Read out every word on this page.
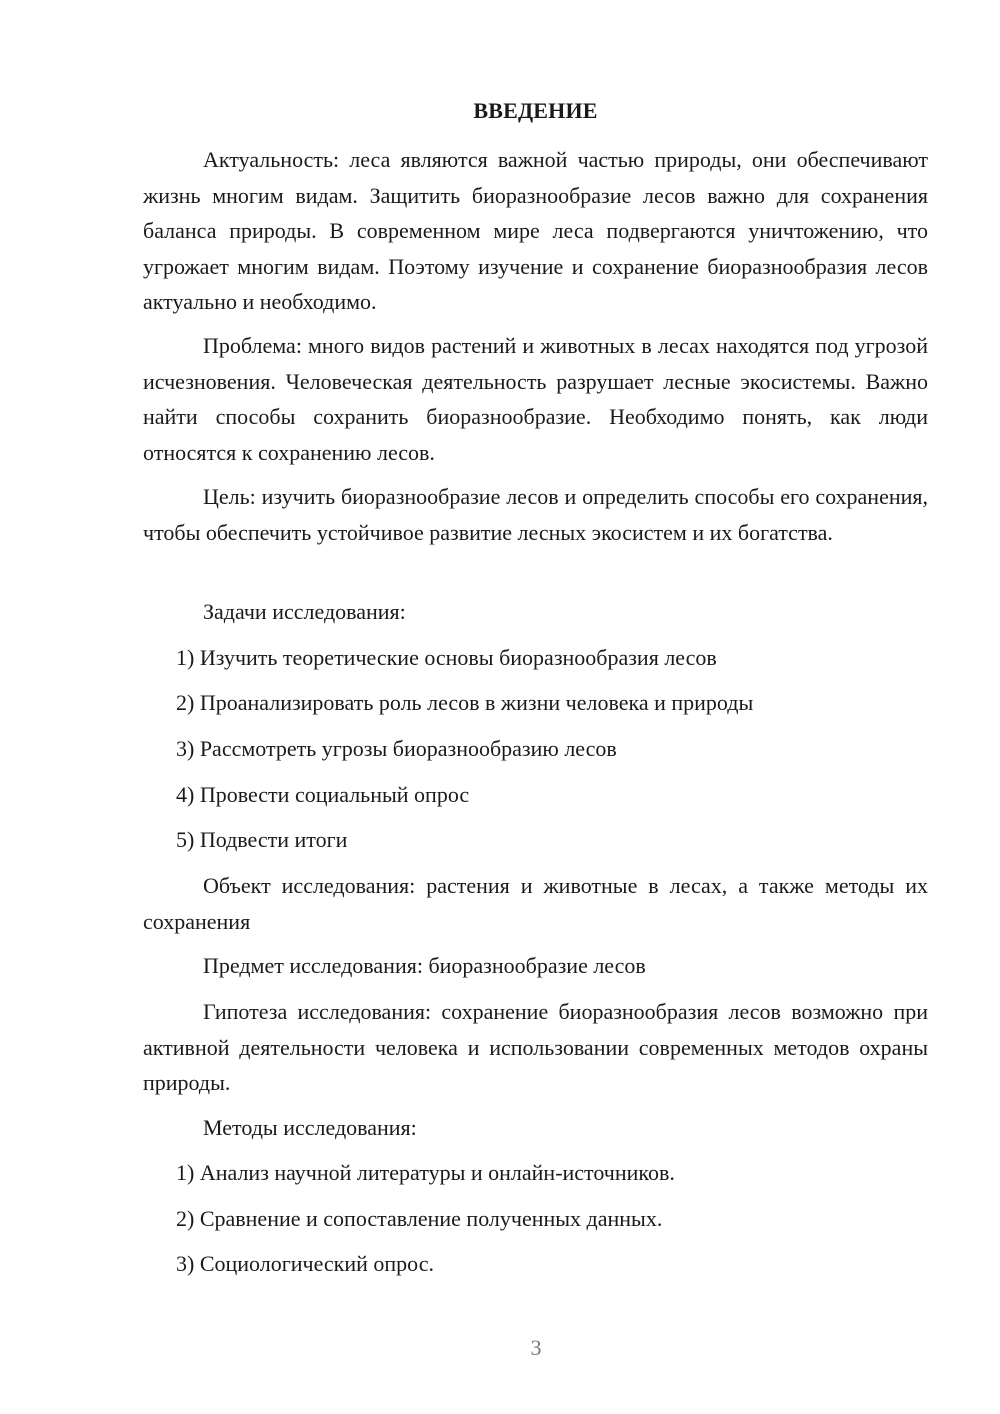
ВВЕДЕНИЕ

Актуальность: леса являются важной частью природы, они обеспечивают жизнь многим видам. Защитить биоразнообразие лесов важно для сохранения баланса природы. В современном мире леса подвергаются уничтожению, что угрожает многим видам. Поэтому изучение и сохранение биоразнообразия лесов актуально и необходимо.

Проблема: много видов растений и животных в лесах находятся под угрозой исчезновения. Человеческая деятельность разрушает лесные экосистемы. Важно найти способы сохранить биоразнообразие. Необходимо понять, как люди относятся к сохранению лесов.

Цель: изучить биоразнообразие лесов и определить способы его сохранения, чтобы обеспечить устойчивое развитие лесных экосистем и их богатства.

Задачи исследования:

1) Изучить теоретические основы биоразнообразия лесов

2) Проанализировать роль лесов в жизни человека и природы

3) Рассмотреть угрозы биоразнообразию лесов

4) Провести социальный опрос

5) Подвести итоги

Объект исследования: растения и животные в лесах, а также методы их сохранения

Предмет исследования: биоразнообразие лесов

Гипотеза исследования: сохранение биоразнообразия лесов возможно при активной деятельности человека и использовании современных методов охраны природы.

Методы исследования:

1) Анализ научной литературы и онлайн-источников.

2) Сравнение и сопоставление полученных данных.

3) Социологический опрос.

3
